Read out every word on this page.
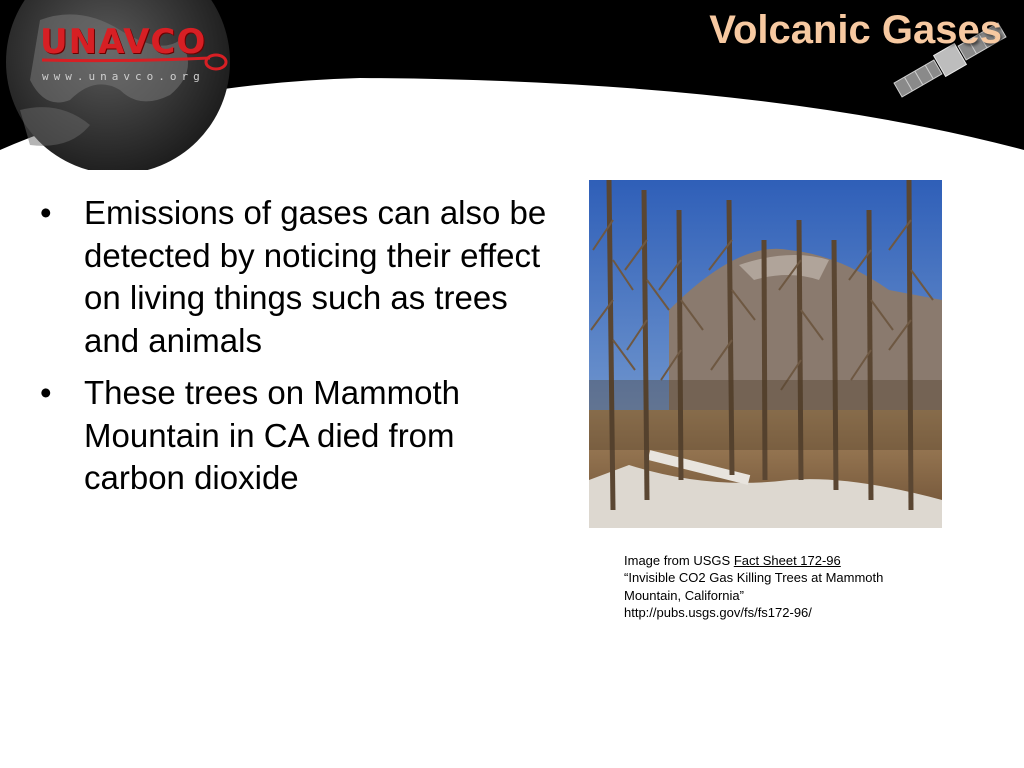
UNAVCO
www.unavco.org
Volcanic Gases
• Emissions of gases can also be detected by noticing their effect on living things such as trees and animals
• These trees on Mammoth Mountain in CA died from carbon dioxide
Image from USGS Fact Sheet 172-96
“Invisible CO2 Gas Killing Trees at Mammoth Mountain, California”
http://pubs.usgs.gov/fs/fs172-96/
